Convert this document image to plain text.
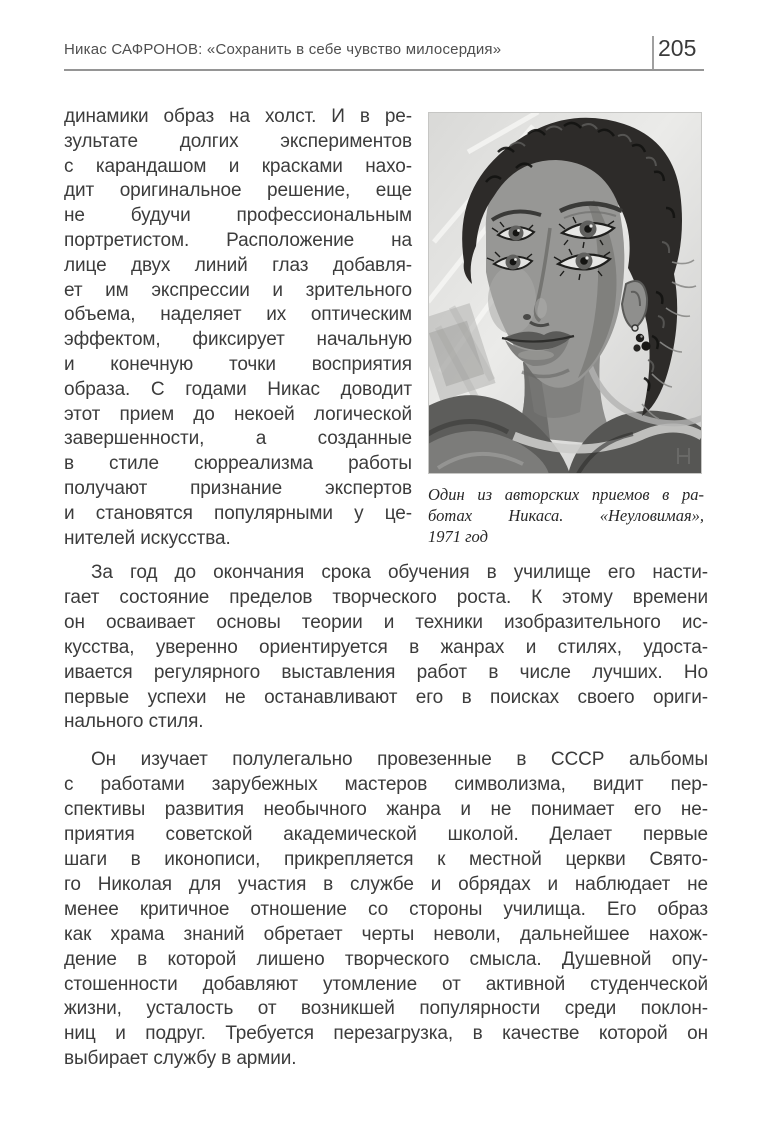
Никас САФРОНОВ: «Сохранить в себе чувство милосердия»	205
динамики образ на холст. И в ре-
зультате долгих экспериментов
с карандашом и красками нахо-
дит оригинальное решение, еще
не будучи профессиональным
портретистом. Расположение на
лице двух линий глаз добавля-
ет им экспрессии и зрительного
объема, наделяет их оптическим
эффектом, фиксирует начальную
и конечную точки восприятия
образа. С годами Никас доводит
этот прием до некоей логической
завершенности, а созданные
в стиле сюрреализма работы
получают признание экспертов
и становятся популярными у це-
нителей искусства.
Один из авторских приемов в ра-
ботах Никаса. «Неуловимая»,
1971 год
За год до окончания срока обучения в училище его насти-
гает состояние пределов творческого роста. К этому времени
он осваивает основы теории и техники изобразительного ис-
кусства, уверенно ориентируется в жанрах и стилях, удоста-
ивается регулярного выставления работ в числе лучших. Но
первые успехи не останавливают его в поисках своего ориги-
нального стиля.
Он изучает полулегально провезенные в СССР альбомы
с работами зарубежных мастеров символизма, видит пер-
спективы развития необычного жанра и не понимает его не-
приятия советской академической школой. Делает первые
шаги в иконописи, прикрепляется к местной церкви Свято-
го Николая для участия в службе и обрядах и наблюдает не
менее критичное отношение со стороны училища. Его образ
как храма знаний обретает черты неволи, дальнейшее нахож-
дение в которой лишено творческого смысла. Душевной опу-
стошенности добавляют утомление от активной студенческой
жизни, усталость от возникшей популярности среди поклон-
ниц и подруг. Требуется перезагрузка, в качестве которой он
выбирает службу в армии.
